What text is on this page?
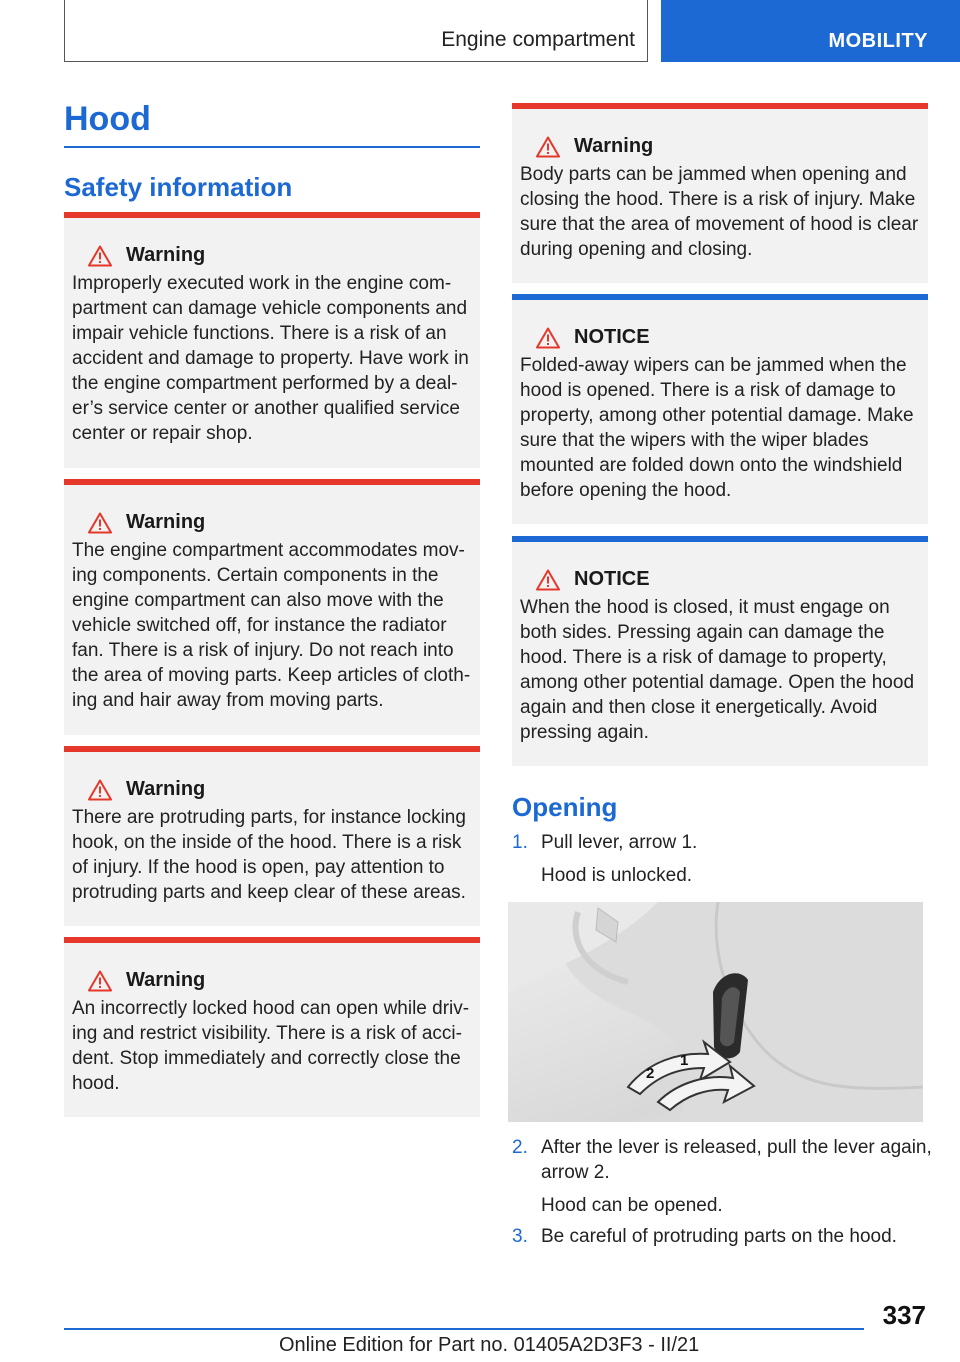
Engine compartment	MOBILITY
Hood
Safety information
Warning
Improperly executed work in the engine compartment can damage vehicle components and impair vehicle functions. There is a risk of an accident and damage to property. Have work in the engine compartment performed by a dealer’s service center or another qualified service center or repair shop.
Warning
The engine compartment accommodates moving components. Certain components in the engine compartment can also move with the vehicle switched off, for instance the radiator fan. There is a risk of injury. Do not reach into the area of moving parts. Keep articles of clothing and hair away from moving parts.
Warning
There are protruding parts, for instance locking hook, on the inside of the hood. There is a risk of injury. If the hood is open, pay attention to protruding parts and keep clear of these areas.
Warning
An incorrectly locked hood can open while driving and restrict visibility. There is a risk of accident. Stop immediately and correctly close the hood.
Warning
Body parts can be jammed when opening and closing the hood. There is a risk of injury. Make sure that the area of movement of hood is clear during opening and closing.
NOTICE
Folded-away wipers can be jammed when the hood is opened. There is a risk of damage to property, among other potential damage. Make sure that the wipers with the wiper blades mounted are folded down onto the windshield before opening the hood.
NOTICE
When the hood is closed, it must engage on both sides. Pressing again can damage the hood. There is a risk of damage to property, among other potential damage. Open the hood again and then close it energetically. Avoid pressing again.
Opening
1. Pull lever, arrow 1.
Hood is unlocked.
1
2
2. After the lever is released, pull the lever again, arrow 2.
Hood can be opened.
3. Be careful of protruding parts on the hood.
337
Online Edition for Part no. 01405A2D3F3 - II/21
